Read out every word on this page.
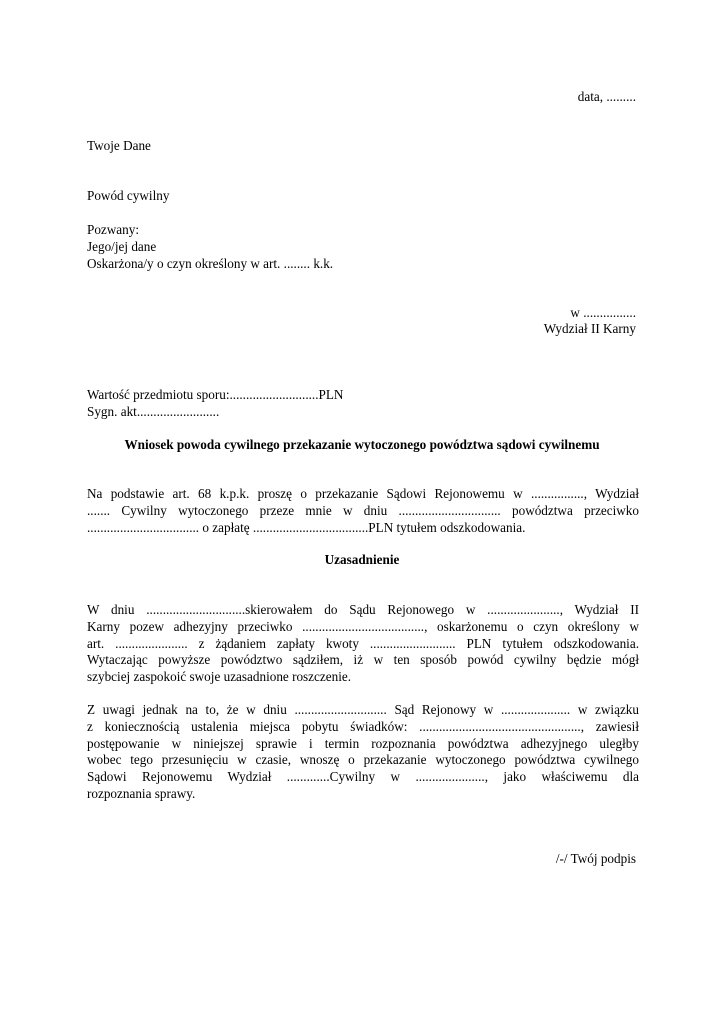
data, .........
Twoje Dane
Powód cywilny
Pozwany:
Jego/jej dane
Oskarżona/y o czyn określony w art. ........ k.k.
w ................
Wydział II Karny
Wartość przedmiotu sporu:...........................PLN
Sygn. akt.........................
Wniosek powoda cywilnego przekazanie wytoczonego powództwa sądowi cywilnemu
Na podstawie art. 68 k.p.k. proszę o przekazanie Sądowi Rejonowemu w ................, Wydział
....... Cywilny wytoczonego przeze mnie w dniu ............................... powództwa przeciwko
.................................. o zapłatę ...................................PLN tytułem odszkodowania.
Uzasadnienie
W dniu ..............................skierowałem do Sądu Rejonowego w ......................, Wydział II
Karny pozew adhezyjny przeciwko ....................................., oskarżonemu o czyn określony w
art. ...................... z żądaniem zapłaty kwoty .......................... PLN tytułem odszkodowania.
Wytaczając powyższe powództwo sądziłem, iż w ten sposób powód cywilny będzie mógł
szybciej zaspokoić swoje uzasadnione roszczenie.
Z uwagi jednak na to, że w dniu ............................ Sąd Rejonowy w ..................... w związku
z koniecznością ustalenia miejsca pobytu świadków: ................................................., zawiesił
postępowanie w niniejszej sprawie i termin rozpoznania powództwa adhezyjnego uległby
wobec tego przesunięciu w czasie, wnoszę o przekazanie wytoczonego powództwa cywilnego
Sądowi Rejonowemu Wydział .............Cywilny w ....................., jako właściwemu dla
rozpoznania sprawy.
/-/ Twój podpis
